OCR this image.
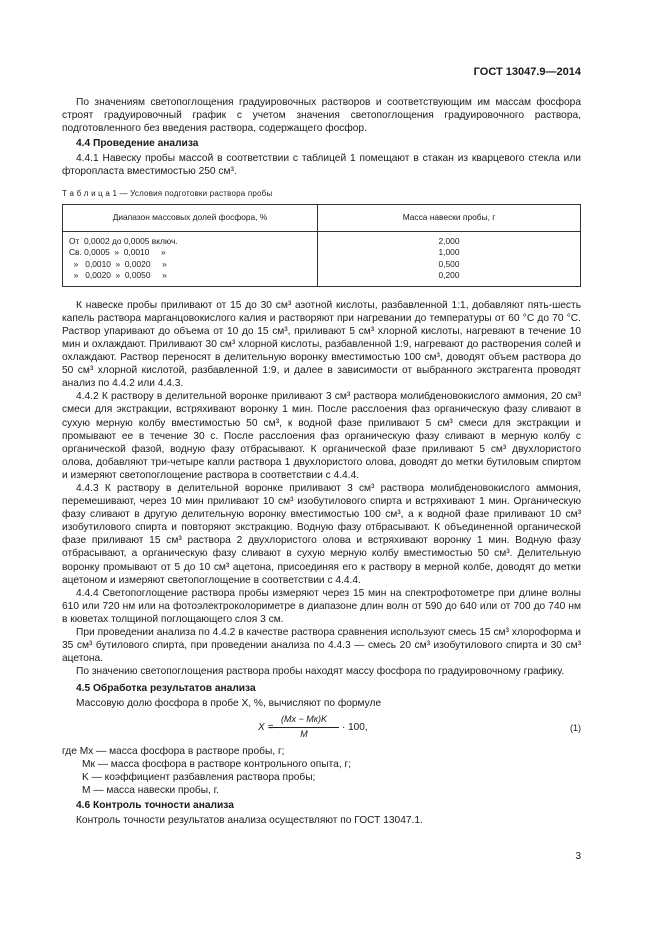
ГОСТ 13047.9—2014

По значениям светопоглощения градуировочных растворов и соответствующим им массам фосфора строят градуировочный график с учетом значения светопоглощения градуировочного раствора, подготовленного без введения раствора, содержащего фосфор.

4.4 Проведение анализа

4.4.1 Навеску пробы массой в соответствии с таблицей 1 помещают в стакан из кварцевого стекла или фторопласта вместимостью 250 см³.

Т а б л и ц а 1 — Условия подготовки раствора пробы
Диапазон массовых долей фосфора, %	Масса навески пробы, г
От  0,0002 до 0,0005 включ.	2,000
Св. 0,0005  »  0,0010     »	1,000
»   0,0010  »  0,0020     »	0,500
»   0,0020  »  0,0050     »	0,200

К навеске пробы приливают от 15 до 30 см³ азотной кислоты, разбавленной 1:1, добавляют пять-шесть капель раствора марганцовокислого калия и растворяют при нагревании до температуры от 60 °С до 70 °С. Раствор упаривают до объема от 10 до 15 см³, приливают 5 см³ хлорной кислоты, нагревают в течение 10 мин и охлаждают. Приливают 30 см³ хлорной кислоты, разбавленной 1:9, нагревают до растворения солей и охлаждают. Раствор переносят в делительную воронку вместимостью 100 см³, доводят объем раствора до 50 см³ хлорной кислотой, разбавленной 1:9, и далее в зависимости от выбранного экстрагента проводят анализ по 4.4.2 или 4.4.3.

4.4.2 К раствору в делительной воронке приливают 3 см³ раствора молибденовокислого аммония, 20 см³ смеси для экстракции, встряхивают воронку 1 мин. После расслоения фаз органическую фазу сливают в сухую мерную колбу вместимостью 50 см³, к водной фазе приливают 5 см³ смеси для экстракции и промывают ее в течение 30 с. После расслоения фаз органическую фазу сливают в мерную колбу с органической фазой, водную фазу отбрасывают. К органической фазе приливают 5 см³ двухлористого олова, добавляют три-четыре капли раствора 1 двухлористого олова, доводят до метки бутиловым спиртом и измеряют светопоглощение раствора в соответствии с 4.4.4.

4.4.3 К раствору в делительной воронке приливают 3 см³ раствора молибденовокислого аммония, перемешивают, через 10 мин приливают 10 см³ изобутилового спирта и встряхивают 1 мин. Органическую фазу сливают в другую делительную воронку вместимостью 100 см³, а к водной фазе приливают 10 см³ изобутилового спирта и повторяют экстракцию. Водную фазу отбрасывают. К объединенной органической фазе приливают 15 см³ раствора 2 двухлористого олова и встряхивают воронку 1 мин. Водную фазу отбрасывают, а органическую фазу сливают в сухую мерную колбу вместимостью 50 см³. Делительную воронку промывают от 5 до 10 см³ ацетона, присоединяя его к раствору в мерной колбе, доводят до метки ацетоном и измеряют светопоглощение в соответствии с 4.4.4.

4.4.4 Светопоглощение раствора пробы измеряют через 15 мин на спектрофотометре при длине волны 610 или 720 нм или на фотоэлектроколориметре в диапазоне длин волн от 590 до 640 или от 700 до 740 нм в кюветах толщиной поглощающего слоя 3 см.

При проведении анализа по 4.4.2 в качестве раствора сравнения используют смесь 15 см³ хлороформа и 35 см³ бутилового спирта, при проведении анализа по 4.4.3 — смесь 20 см³ изобутилового спирта и 30 см³ ацетона.

По значению светопоглощения раствора пробы находят массу фосфора по градуировочному графику.

4.5 Обработка результатов анализа

Массовую долю фосфора в пробе X, %, вычисляют по формуле

X =
(Mx − Mк)K
M
· 100,	(1)

где Mx — масса фосфора в растворе пробы, г;

Mк — масса фосфора в растворе контрольного опыта, г;

K — коэффициент разбавления раствора пробы;

M — масса навески пробы, г.

4.6 Контроль точности анализа

Контроль точности результатов анализа осуществляют по ГОСТ 13047.1.

3
